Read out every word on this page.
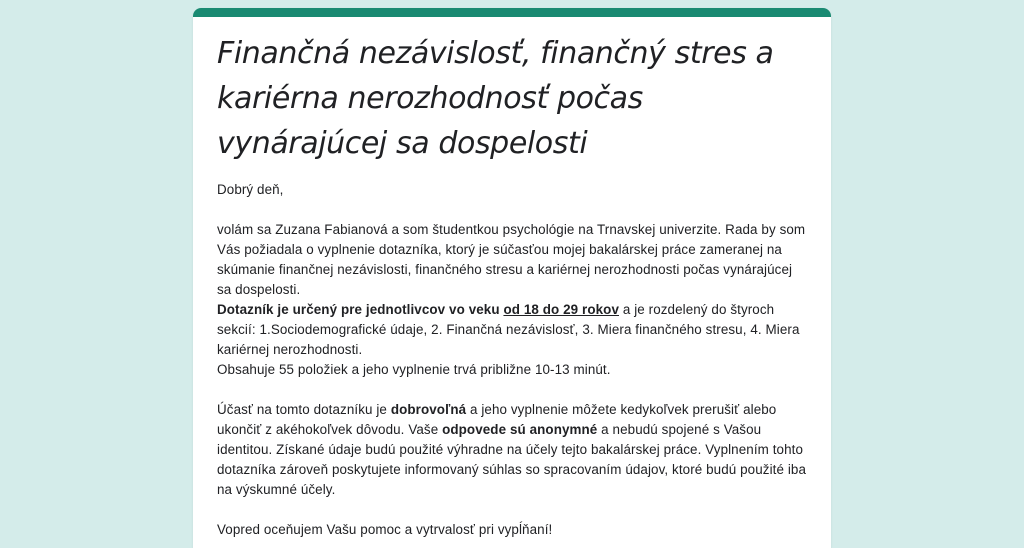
Finančná nezávislosť, finančný stres a kariérna nerozhodnosť počas vynárajúcej sa dospelosti

Dobrý deň,

volám sa Zuzana Fabianová a som študentkou psychológie na Trnavskej univerzite. Rada by som Vás požiadala o vyplnenie dotazníka, ktorý je súčasťou mojej bakalárskej práce zameranej na skúmanie finančnej nezávislosti, finančného stresu a kariérnej nerozhodnosti počas vynárajúcej sa dospelosti.

Dotazník je určený pre jednotlivcov vo veku od 18 do 29 rokov a je rozdelený do štyroch sekcií: 1.Sociodemografické údaje, 2. Finančná nezávislosť, 3. Miera finančného stresu, 4. Miera kariérnej nerozhodnosti.

Obsahuje 55 položiek a jeho vyplnenie trvá približne 10-13 minút.

Účasť na tomto dotazníku je dobrovoľná a jeho vyplnenie môžete kedykoľvek prerušiť alebo ukončiť z akéhokoľvek dôvodu. Vaše odpovede sú anonymné a nebudú spojené s Vašou identitou. Získané údaje budú použité výhradne na účely tejto bakalárskej práce. Vyplnením tohto dotazníka zároveň poskytujete informovaný súhlas so spracovaním údajov, ktoré budú použité iba na výskumné účely.

Vopred oceňujem Vašu pomoc a vytrvalosť pri vypĺňaní!
